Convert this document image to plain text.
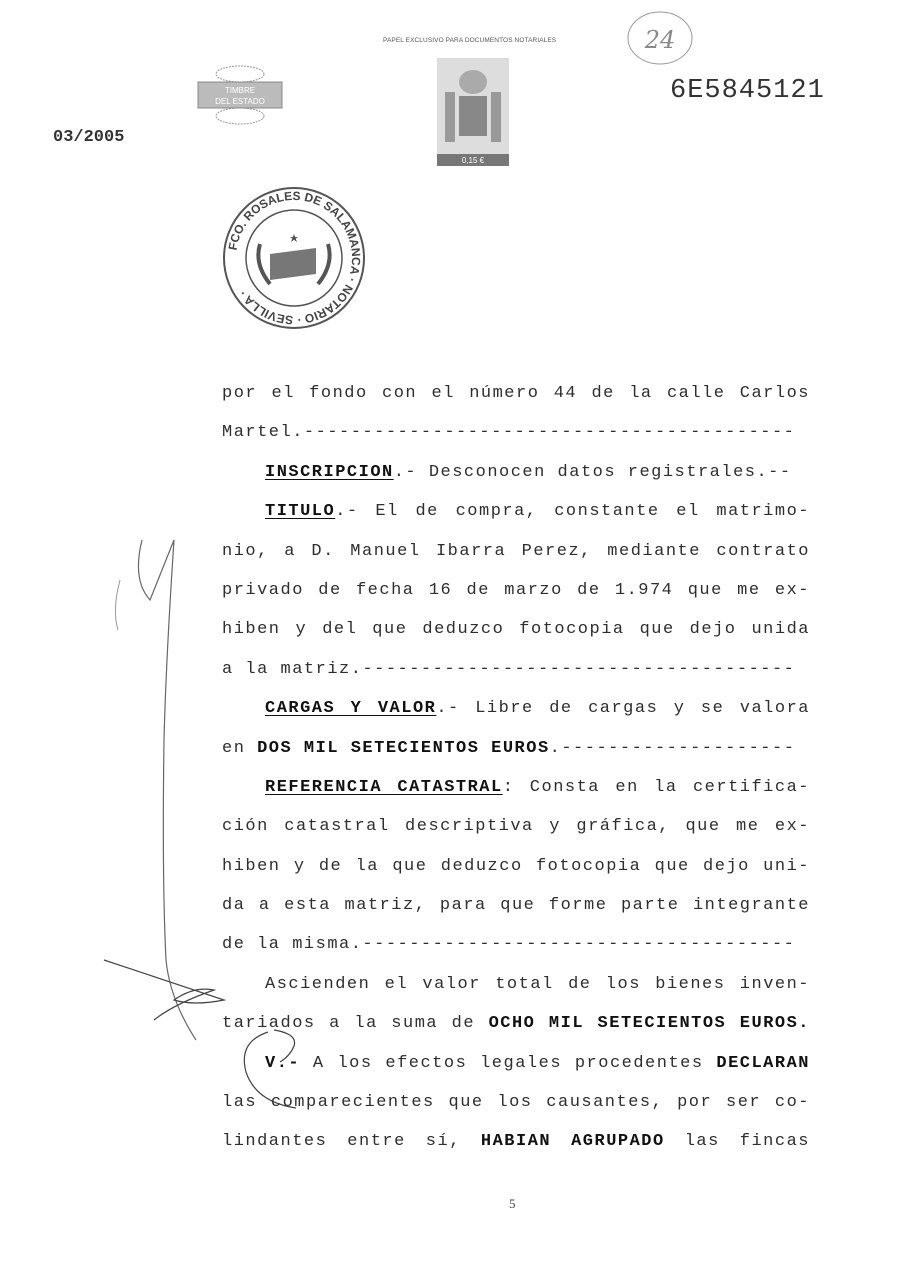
PAPEL EXCLUSIVO PARA DOCUMENTOS NOTARIALES
6E5845121
03/2005
TIMBRE
DEL ESTADO
0,15 €
24
FCO. ROSALES DE SALAMANCA · NOTARIO · SEVILLA ·
por el fondo con el número 44 de la calle Carlos
Martel.------------------------------------------
INSCRIPCION.- Desconocen datos registrales.--
TITULO.- El de compra, constante el matrimo-
nio, a D. Manuel Ibarra Perez, mediante contrato
privado de fecha 16 de marzo de 1.974 que me ex-
hiben y del que deduzco fotocopia que dejo unida
a la matriz.-------------------------------------
CARGAS Y VALOR.- Libre de cargas y se valora
en DOS MIL SETECIENTOS EUROS.--------------------
REFERENCIA CATASTRAL: Consta en la certifica-
ción catastral descriptiva y gráfica, que me ex-
hiben y de la que deduzco fotocopia que dejo uni-
da a esta matriz, para que forme parte integrante
de la misma.-------------------------------------
Ascienden el valor total de los bienes inven-
tariados a la suma de OCHO MIL SETECIENTOS EUROS.
V.- A los efectos legales procedentes DECLARAN
las comparecientes que los causantes, por ser co-
lindantes entre sí, HABIAN AGRUPADO las fincas
5
